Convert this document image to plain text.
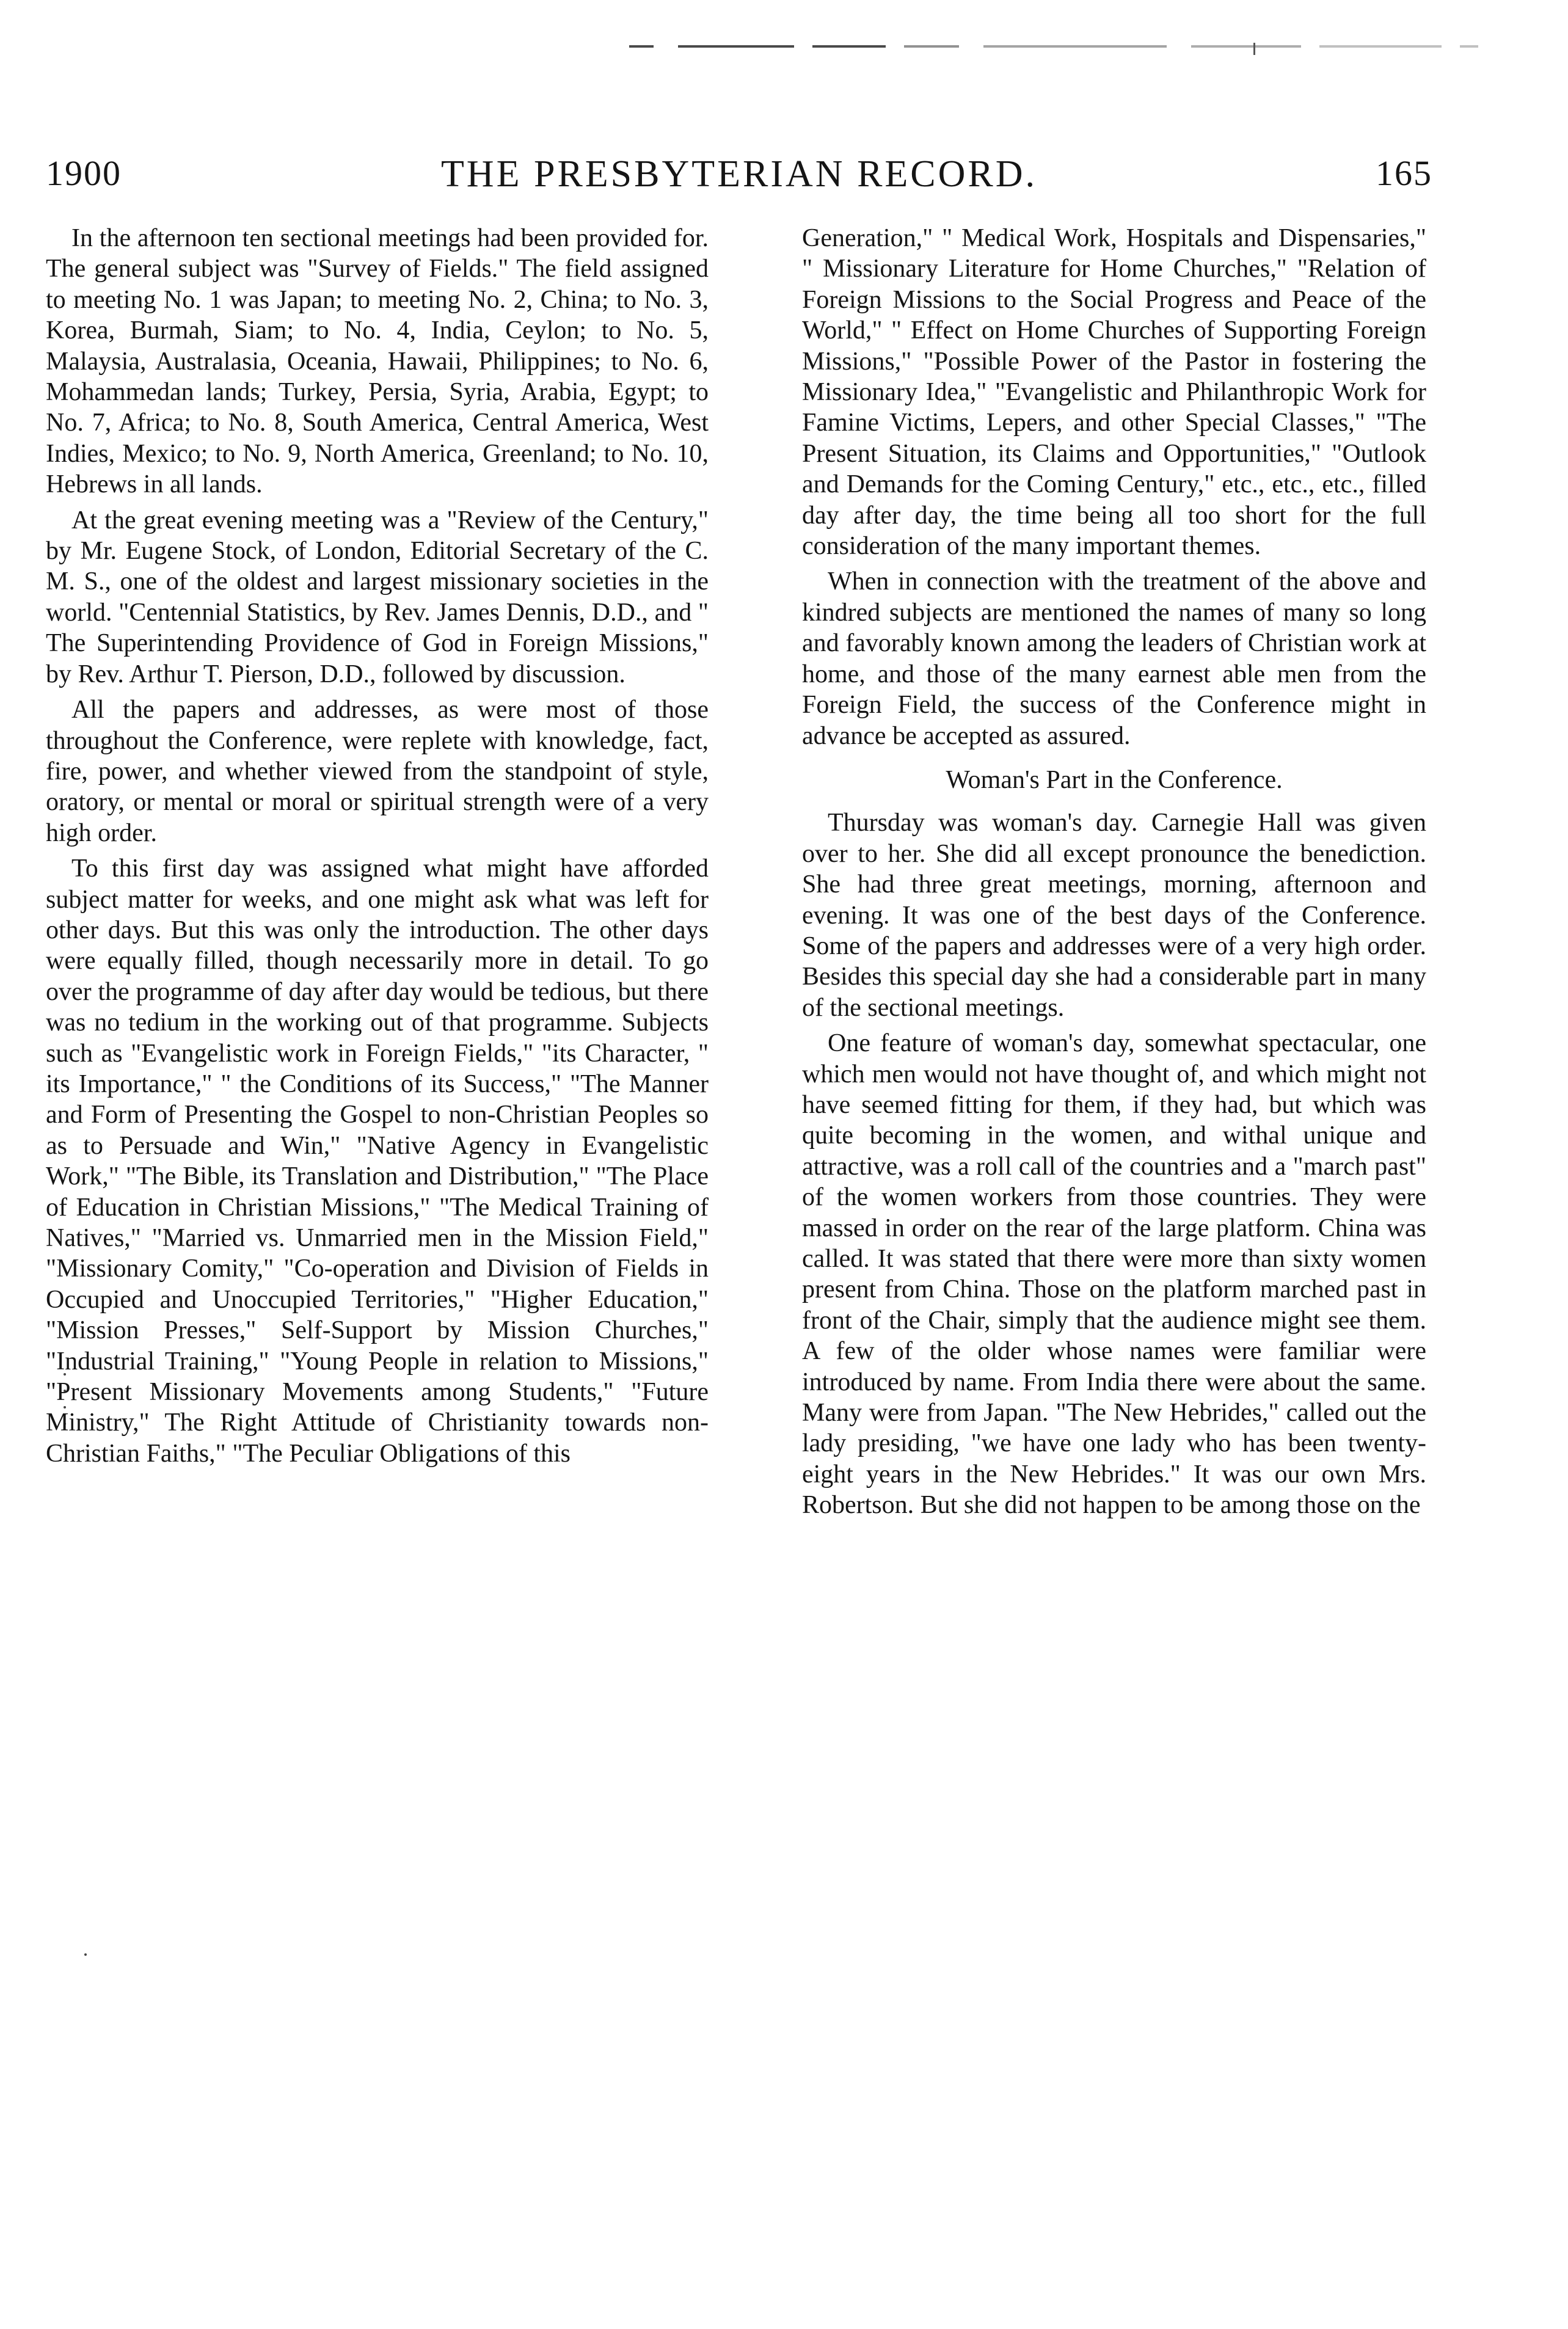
1900	THE PRESBYTERIAN RECORD.	165

In the afternoon ten sectional meetings had been provided for. The general subject was "Survey of Fields." The field assigned to meeting No. 1 was Japan; to meeting No. 2, China; to No. 3, Korea, Burmah, Siam; to No. 4, India, Ceylon; to No. 5, Malaysia, Australasia, Oceania, Hawaii, Philippines; to No. 6, Mohammedan lands; Turkey, Persia, Syria, Arabia, Egypt; to No. 7, Africa; to No. 8, South America, Central America, West Indies, Mexico; to No. 9, North America, Greenland; to No. 10, Hebrews in all lands.

At the great evening meeting was a "Review of the Century," by Mr. Eugene Stock, of London, Editorial Secretary of the C. M. S., one of the oldest and largest missionary societies in the world. "Centennial Statistics, by Rev. James Dennis, D.D., and " The Superintending Providence of God in Foreign Missions," by Rev. Arthur T. Pierson, D.D., followed by discussion.

All the papers and addresses, as were most of those throughout the Conference, were replete with knowledge, fact, fire, power, and whether viewed from the standpoint of style, oratory, or mental or moral or spiritual strength were of a very high order.

To this first day was assigned what might have afforded subject matter for weeks, and one might ask what was left for other days. But this was only the introduction. The other days were equally filled, though necessarily more in detail. To go over the programme of day after day would be tedious, but there was no tedium in the working out of that programme. Subjects such as "Evangelistic work in Foreign Fields," "its Character, " its Importance," " the Conditions of its Success," "The Manner and Form of Presenting the Gospel to non-Christian Peoples so as to Persuade and Win," "Native Agency in Evangelistic Work," "The Bible, its Translation and Distribution," "The Place of Education in Christian Missions," "The Medical Training of Natives," "Married vs. Unmarried men in the Mission Field," "Missionary Comity," "Co-operation and Division of Fields in Occupied and Unoccupied Territories," "Higher Education," "Mission Presses," Self-Support by Mission Churches," "Industrial Training," "Young People in relation to Missions," "Present Missionary Movements among Students," "Future Ministry," The Right Attitude of Christianity towards non-Christian Faiths," "The Peculiar Obligations of this

Generation," " Medical Work, Hospitals and Dispensaries," " Missionary Literature for Home Churches," "Relation of Foreign Missions to the Social Progress and Peace of the World," " Effect on Home Churches of Supporting Foreign Missions," "Possible Power of the Pastor in fostering the Missionary Idea," "Evangelistic and Philanthropic Work for Famine Victims, Lepers, and other Special Classes," "The Present Situation, its Claims and Opportunities," "Outlook and Demands for the Coming Century," etc., etc., etc., filled day after day, the time being all too short for the full consideration of the many important themes.

When in connection with the treatment of the above and kindred subjects are mentioned the names of many so long and favorably known among the leaders of Christian work at home, and those of the many earnest able men from the Foreign Field, the success of the Conference might in advance be accepted as assured.

Woman's Part in the Conference.

Thursday was woman's day. Carnegie Hall was given over to her. She did all except pronounce the benediction. She had three great meetings, morning, afternoon and evening. It was one of the best days of the Conference. Some of the papers and addresses were of a very high order. Besides this special day she had a considerable part in many of the sectional meetings.

One feature of woman's day, somewhat spectacular, one which men would not have thought of, and which might not have seemed fitting for them, if they had, but which was quite becoming in the women, and withal unique and attractive, was a roll call of the countries and a "march past" of the women workers from those countries. They were massed in order on the rear of the large platform. China was called. It was stated that there were more than sixty women present from China. Those on the platform marched past in front of the Chair, simply that the audience might see them. A few of the older whose names were familiar were introduced by name. From India there were about the same. Many were from Japan. "The New Hebrides," called out the lady presiding, "we have one lady who has been twenty-eight years in the New Hebrides." It was our own Mrs. Robertson. But she did not happen to be among those on the
